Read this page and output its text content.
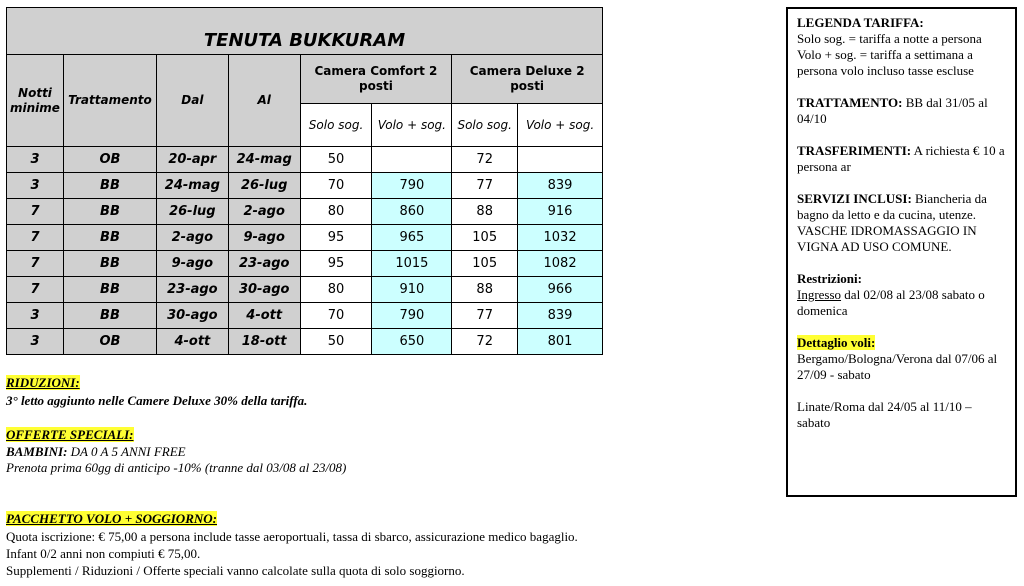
TENUTA BUKKURAM							
Notti minime	Trattamento	Dal	Al	Camera Comfort 2 posti		Camera Deluxe 2 posti	
				Solo sog.	Volo + sog.	Solo sog.	Volo + sog.
3	OB	20-apr	24-mag	50		72	
3	BB	24-mag	26-lug	70	790	77	839
7	BB	26-lug	2-ago	80	860	88	916
7	BB	2-ago	9-ago	95	965	105	1032
7	BB	9-ago	23-ago	95	1015	105	1082
7	BB	23-ago	30-ago	80	910	88	966
3	BB	30-ago	4-ott	70	790	77	839
3	OB	4-ott	18-ott	50	650	72	801
RIDUZIONI:
3° letto aggiunto nelle Camere Deluxe 30% della tariffa.
OFFERTE SPECIALI:
BAMBINI: DA 0 A 5 ANNI FREE
Prenota prima 60gg di anticipo -10% (tranne dal 03/08 al 23/08)
PACCHETTO VOLO + SOGGIORNO:
Quota iscrizione: € 75,00 a persona include tasse aeroportuali, tassa di sbarco, assicurazione medico bagaglio.
Infant 0/2 anni non compiuti € 75,00.
Supplementi / Riduzioni / Offerte speciali vanno calcolate sulla quota di solo soggiorno.

LEGENDA TARIFFA:

Solo sog. = tariffa a notte a persona

Volo + sog. = tariffa a settimana a persona volo incluso tasse escluse

TRATTAMENTO: BB dal 31/05 al 04/10

TRASFERIMENTI: A richiesta € 10 a persona ar

SERVIZI INCLUSI: Biancheria da bagno da letto e da cucina, utenze.

VASCHE IDROMASSAGGIO IN VIGNA AD USO COMUNE.

Restrizioni:

Ingresso dal 02/08 al 23/08 sabato o domenica

Dettaglio voli:

Bergamo/Bologna/Verona dal 07/06 al 27/09 - sabato

Linate/Roma dal 24/05 al 11/10 – sabato
